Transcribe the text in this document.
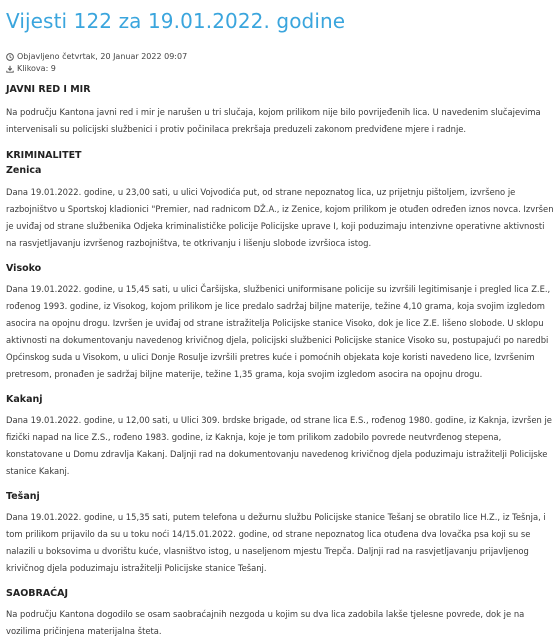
Vijesti 122 za 19.01.2022. godine
Objavljeno četvrtak, 20 Januar 2022 09:07
Klikova: 9
JAVNI RED I MIR

Na području Kantona javni red i mir je narušen u tri slučaja, kojom prilikom nije bilo povrijeđenih lica. U navedenim slučajevima intervenisali su policijski službenici i protiv počinilaca prekršaja preduzeli zakonom predviđene mjere i radnje.

KRIMINALITET
Zenica

Dana 19.01.2022. godine, u 23,00 sati, u ulici Vojvodića put, od strane nepoznatog lica, uz prijetnju pištoljem, izvršeno je razbojništvo u Sportskoj kladionici "Premier, nad radnicom DŽ.A., iz Zenice, kojom prilikom je otuđen određen iznos novca. Izvršen je uviđaj od strane službenika Odjeka kriminalističke policije Policijske uprave I, koji poduzimaju intenzivne operativne aktivnosti na rasvjetljavanju izvršenog razbojništva, te otkrivanju i lišenju slobode izvršioca istog.

Visoko

Dana 19.01.2022. godine, u 15,45 sati, u ulici Čaršijska, službenici uniformisane policije su izvršili legitimisanje i pregled lica Z.E., rođenog 1993. godine, iz Visokog, kojom prilikom je lice predalo sadržaj biljne materije, težine 4,10 grama, koja svojim izgledom asocira na opojnu drogu. Izvršen je uviđaj od strane istražitelja Policijske stanice Visoko, dok je lice Z.E. lišeno slobode. U sklopu aktivnosti na dokumentovanju navedenog krivičnog djela, policijski službenici Policijske stanice Visoko su, postupajući po naredbi Općinskog suda u Visokom, u ulici Donje Rosulje izvršili pretres kuće i pomoćnih objekata koje koristi navedeno lice, Izvršenim pretresom, pronađen je sadržaj biljne materije, težine 1,35 grama, koja svojim izgledom asocira na opojnu drogu.

Kakanj

Dana 19.01.2022. godine, u 12,00 sati, u Ulici 309. brdske brigade, od strane lica E.S., rođenog 1980. godine, iz Kaknja, izvršen je fizički napad na lice Z.S., rođeno 1983. godine, iz Kaknja, koje je tom prilikom zadobilo povrede neutvrđenog stepena, konstatovane u Domu zdravlja Kakanj. Daljnji rad na dokumentovanju navedenog krivičnog djela poduzimaju istražitelji Policijske stanice Kakanj.

Tešanj

Dana 19.01.2022. godine, u 15,35 sati, putem telefona u dežurnu službu Policijske stanice Tešanj se obratilo lice H.Z., iz Tešnja, i tom prilikom prijavilo da su u toku noći 14/15.01.2022. godine, od strane nepoznatog lica otuđena dva lovačka psa koji su se nalazili u boksovima u dvorištu kuće, vlasništvo istog, u naseljenom mjestu Trepča. Daljnji rad na rasvjetljavanju prijavljenog krivičnog djela poduzimaju istražitelji Policijske stanice Tešanj.

SAOBRAĆAJ

Na području Kantona dogodilo se osam saobraćajnih nezgoda u kojim su dva lica zadobila lakše tjelesne povrede, dok je na vozilima pričinjena materijalna šteta.
